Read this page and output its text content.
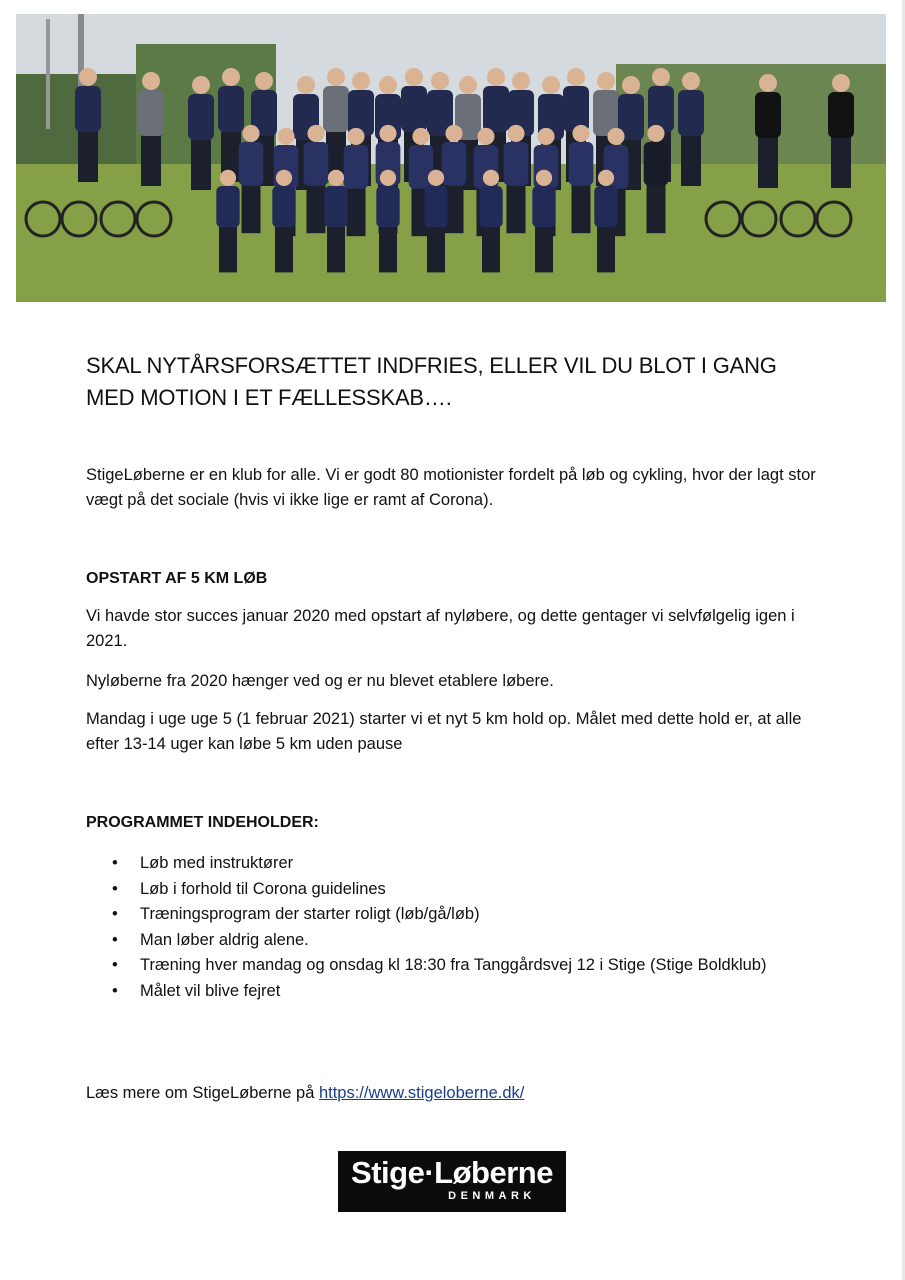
SKAL NYTÅRSFORSÆTTET INDFRIES, ELLER VIL DU BLOT I GANG MED MOTION I ET FÆLLESSKAB….

StigeLøberne er en klub for alle. Vi er godt 80 motionister fordelt på løb og cykling, hvor der lagt stor vægt på det sociale (hvis vi ikke lige er ramt af Corona).

OPSTART AF 5 KM LØB

Vi havde stor succes januar 2020 med opstart af nyløbere, og dette gentager vi selvfølgelig igen i 2021.

Nyløberne fra 2020 hænger ved og er nu blevet etablere løbere.

Mandag i uge uge 5 (1 februar 2021) starter vi et nyt 5 km hold op. Målet med dette hold er, at alle efter 13-14 uger kan løbe 5 km uden pause

PROGRAMMET INDEHOLDER:
• Løb med instruktører
• Løb i forhold til Corona guidelines
• Træningsprogram der starter roligt (løb/gå/løb)
• Man løber aldrig alene.
• Træning hver mandag og onsdag kl 18:30 fra Tanggårdsvej 12 i Stige (Stige Boldklub)
• Målet vil blive fejret

Læs mere om StigeLøberne på https://www.stigeloberne.dk/

Stige·Løberne
DENMARK
